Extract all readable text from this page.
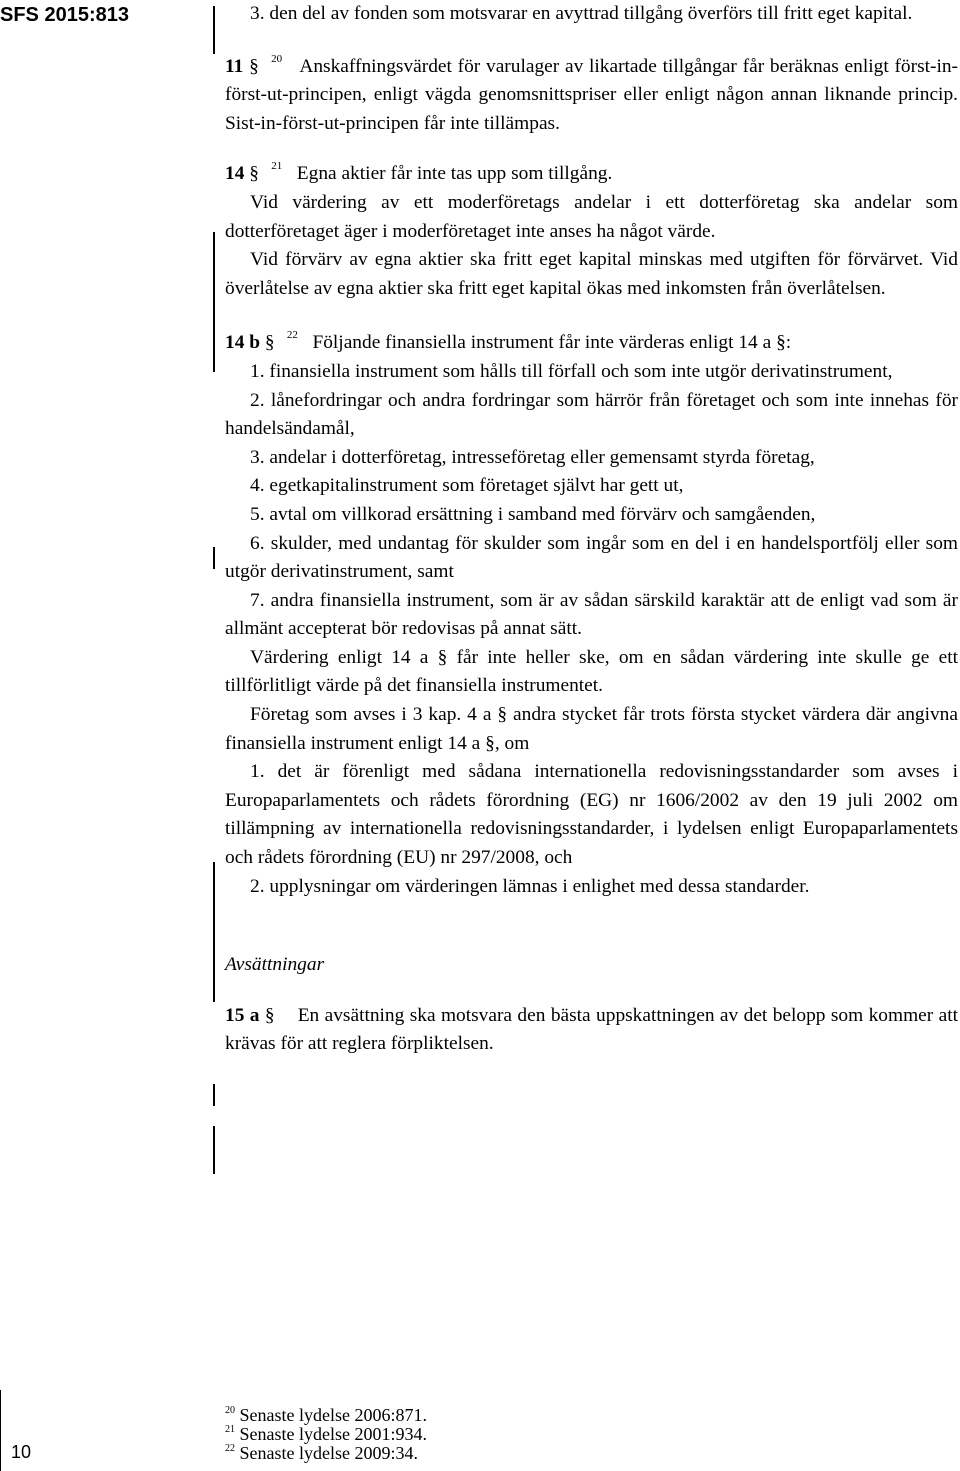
SFS 2015:813	3. den del av fonden som motsvarar en avyttrad tillgång överförs till fritt eget kapital.

11 § $^{20}$ Anskaffningsvärdet för varulager av likartade tillgångar får beräknas enligt först-in-först-ut-principen, enligt vägda genomsnittspriser eller enligt någon annan liknande princip. Sist-in-först-ut-principen får inte tillämpas.

14 § $^{21}$ Egna aktier får inte tas upp som tillgång.

Vid värdering av ett moderföretags andelar i ett dotterföretag ska andelar som dotterföretaget äger i moderföretaget inte anses ha något värde.

Vid förvärv av egna aktier ska fritt eget kapital minskas med utgiften för förvärvet. Vid överlåtelse av egna aktier ska fritt eget kapital ökas med inkomsten från överlåtelsen.

14 b § $^{22}$ Följande finansiella instrument får inte värderas enligt 14 a §:

1. finansiella instrument som hålls till förfall och som inte utgör derivatinstrument,

2. lånefordringar och andra fordringar som härrör från företaget och som inte innehas för handelsändamål,

3. andelar i dotterföretag, intresseföretag eller gemensamt styrda företag,

4. egetkapitalinstrument som företaget självt har gett ut,

5. avtal om villkorad ersättning i samband med förvärv och samgåenden,

6. skulder, med undantag för skulder som ingår som en del i en handelsportfölj eller som utgör derivatinstrument, samt

7. andra finansiella instrument, som är av sådan särskild karaktär att de enligt vad som är allmänt accepterat bör redovisas på annat sätt.

Värdering enligt 14 a § får inte heller ske, om en sådan värdering inte skulle ge ett tillförlitligt värde på det finansiella instrumentet.

Företag som avses i 3 kap. 4 a § andra stycket får trots första stycket värdera där angivna finansiella instrument enligt 14 a §, om

1. det är förenligt med sådana internationella redovisningsstandarder som avses i Europaparlamentets och rådets förordning (EG) nr 1606/2002 av den 19 juli 2002 om tillämpning av internationella redovisningsstandarder, i lydelsen enligt Europaparlamentets och rådets förordning (EU) nr 297/2008, och

2. upplysningar om värderingen lämnas i enlighet med dessa standarder.

Avsättningar

15 a § En avsättning ska motsvara den bästa uppskattningen av det belopp som kommer att krävas för att reglera förpliktelsen.

$^{20}$ Senaste lydelse 2006:871.
$^{21}$ Senaste lydelse 2001:934.
$^{22}$ Senaste lydelse 2009:34.
10
